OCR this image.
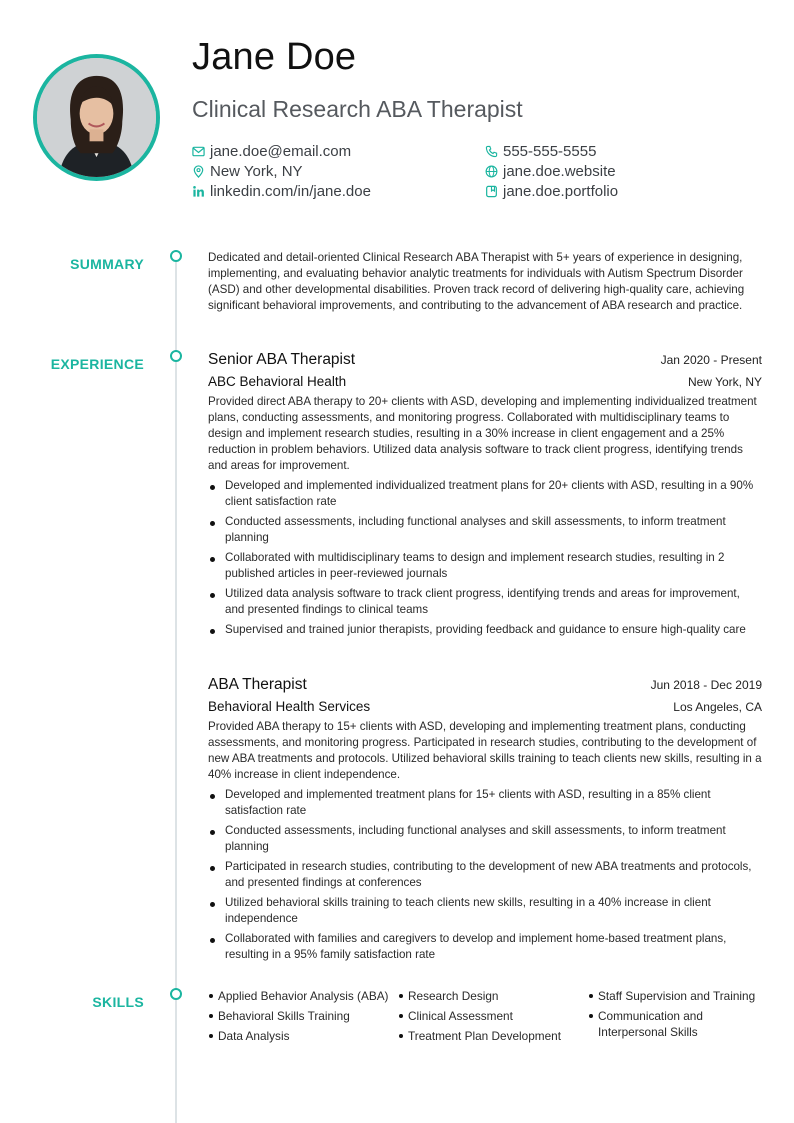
Jane Doe
Clinical Research ABA Therapist
jane.doe@email.com	555-555-5555
New York, NY	jane.doe.website
linkedin.com/in/jane.doe	jane.doe.portfolio
SUMMARY
EXPERIENCE
SKILLS
Dedicated and detail-oriented Clinical Research ABA Therapist with 5+ years of experience in designing, implementing, and evaluating behavior analytic treatments for individuals with Autism Spectrum Disorder (ASD) and other developmental disabilities. Proven track record of delivering high-quality care, achieving significant behavioral improvements, and contributing to the advancement of ABA research and practice.
Senior ABA Therapist	Jan 2020 - Present
ABC Behavioral Health	New York, NY
Provided direct ABA therapy to 20+ clients with ASD, developing and implementing individualized treatment plans, conducting assessments, and monitoring progress. Collaborated with multidisciplinary teams to design and implement research studies, resulting in a 30% increase in client engagement and a 25% reduction in problem behaviors. Utilized data analysis software to track client progress, identifying trends and areas for improvement.
Developed and implemented individualized treatment plans for 20+ clients with ASD, resulting in a 90% client satisfaction rate
Conducted assessments, including functional analyses and skill assessments, to inform treatment planning
Collaborated with multidisciplinary teams to design and implement research studies, resulting in 2 published articles in peer-reviewed journals
Utilized data analysis software to track client progress, identifying trends and areas for improvement, and presented findings to clinical teams
Supervised and trained junior therapists, providing feedback and guidance to ensure high-quality care
ABA Therapist	Jun 2018 - Dec 2019
Behavioral Health Services	Los Angeles, CA
Provided ABA therapy to 15+ clients with ASD, developing and implementing treatment plans, conducting assessments, and monitoring progress. Participated in research studies, contributing to the development of new ABA treatments and protocols. Utilized behavioral skills training to teach clients new skills, resulting in a 40% increase in client independence.
Developed and implemented treatment plans for 15+ clients with ASD, resulting in a 85% client satisfaction rate
Conducted assessments, including functional analyses and skill assessments, to inform treatment planning
Participated in research studies, contributing to the development of new ABA treatments and protocols, and presented findings at conferences
Utilized behavioral skills training to teach clients new skills, resulting in a 40% increase in client independence
Collaborated with families and caregivers to develop and implement home-based treatment plans, resulting in a 95% family satisfaction rate
Applied Behavior Analysis (ABA)
Behavioral Skills Training
Data Analysis
Research Design
Clinical Assessment
Treatment Plan Development
Staff Supervision and Training
Communication and Interpersonal Skills
